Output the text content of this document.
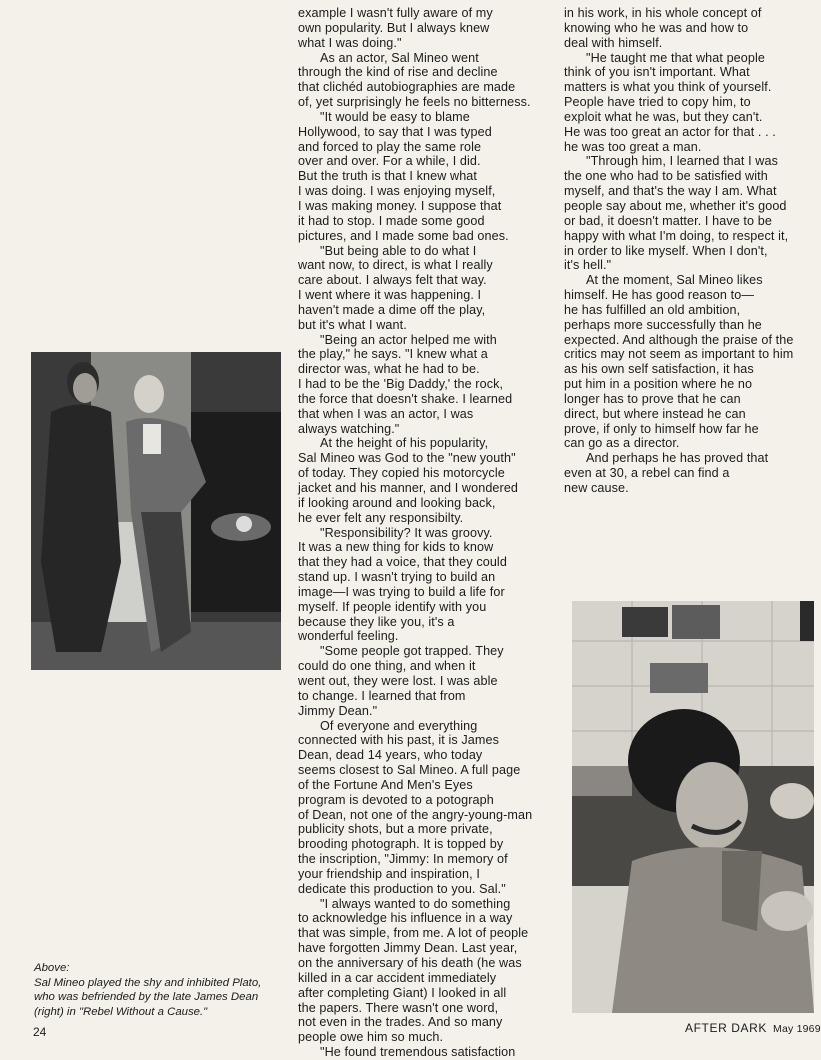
example I wasn't fully aware of my
own popularity. But I always knew
what I was doing."

As an actor, Sal Mineo went
through the kind of rise and decline
that clichéd autobiographies are made
of, yet surprisingly he feels no bitterness.

"It would be easy to blame
Hollywood, to say that I was typed
and forced to play the same role
over and over. For a while, I did.
But the truth is that I knew what
I was doing. I was enjoying myself,
I was making money. I suppose that
it had to stop. I made some good
pictures, and I made some bad ones.

"But being able to do what I
want now, to direct, is what I really
care about. I always felt that way.
I went where it was happening. I
haven't made a dime off the play,
but it's what I want.

"Being an actor helped me with
the play," he says. "I knew what a
director was, what he had to be.
I had to be the 'Big Daddy,' the rock,
the force that doesn't shake. I learned
that when I was an actor, I was
always watching."

At the height of his popularity,
Sal Mineo was God to the "new youth"
of today. They copied his motorcycle
jacket and his manner, and I wondered
if looking around and looking back,
he ever felt any responsibilty.

"Responsibility? It was groovy.
It was a new thing for kids to know
that they had a voice, that they could
stand up. I wasn't trying to build an
image—I was trying to build a life for
myself. If people identify with you
because they like you, it's a
wonderful feeling.

"Some people got trapped. They
could do one thing, and when it
went out, they were lost. I was able
to change. I learned that from
Jimmy Dean."

Of everyone and everything
connected with his past, it is James
Dean, dead 14 years, who today
seems closest to Sal Mineo. A full page
of the Fortune And Men's Eyes
program is devoted to a potograph
of Dean, not one of the angry-young-man
publicity shots, but a more private,
brooding photograph. It is topped by
the inscription, "Jimmy: In memory of
your friendship and inspiration, I
dedicate this production to you. Sal."

"I always wanted to do something
to acknowledge his influence in a way
that was simple, from me. A lot of people
have forgotten Jimmy Dean. Last year,
on the anniversary of his death (he was
killed in a car accident immediately
after completing Giant) I looked in all
the papers. There wasn't one word,
not even in the trades. And so many
people owe him so much.

"He found tremendous satisfaction

in his work, in his whole concept of
knowing who he was and how to
deal with himself.

"He taught me that what people
think of you isn't important. What
matters is what you think of yourself.
People have tried to copy him, to
exploit what he was, but they can't.
He was too great an actor for that . . .
he was too great a man.

"Through him, I learned that I was
the one who had to be satisfied with
myself, and that's the way I am. What
people say about me, whether it's good
or bad, it doesn't matter. I have to be
happy with what I'm doing, to respect it,
in order to like myself. When I don't,
it's hell."

At the moment, Sal Mineo likes
himself. He has good reason to—
he has fulfilled an old ambition,
perhaps more successfully than he
expected. And although the praise of the
critics may not seem as important to him
as his own self satisfaction, it has
put him in a position where he no
longer has to prove that he can
direct, but where instead he can
prove, if only to himself how far he
can go as a director.

And perhaps he has proved that
even at 30, a rebel can find a
new cause.

Above:

Sal Mineo played the shy and inhibited Plato,
who was befriended by the late James Dean
(right) in "Rebel Without a Cause."

24	AFTER DARK May 1969
